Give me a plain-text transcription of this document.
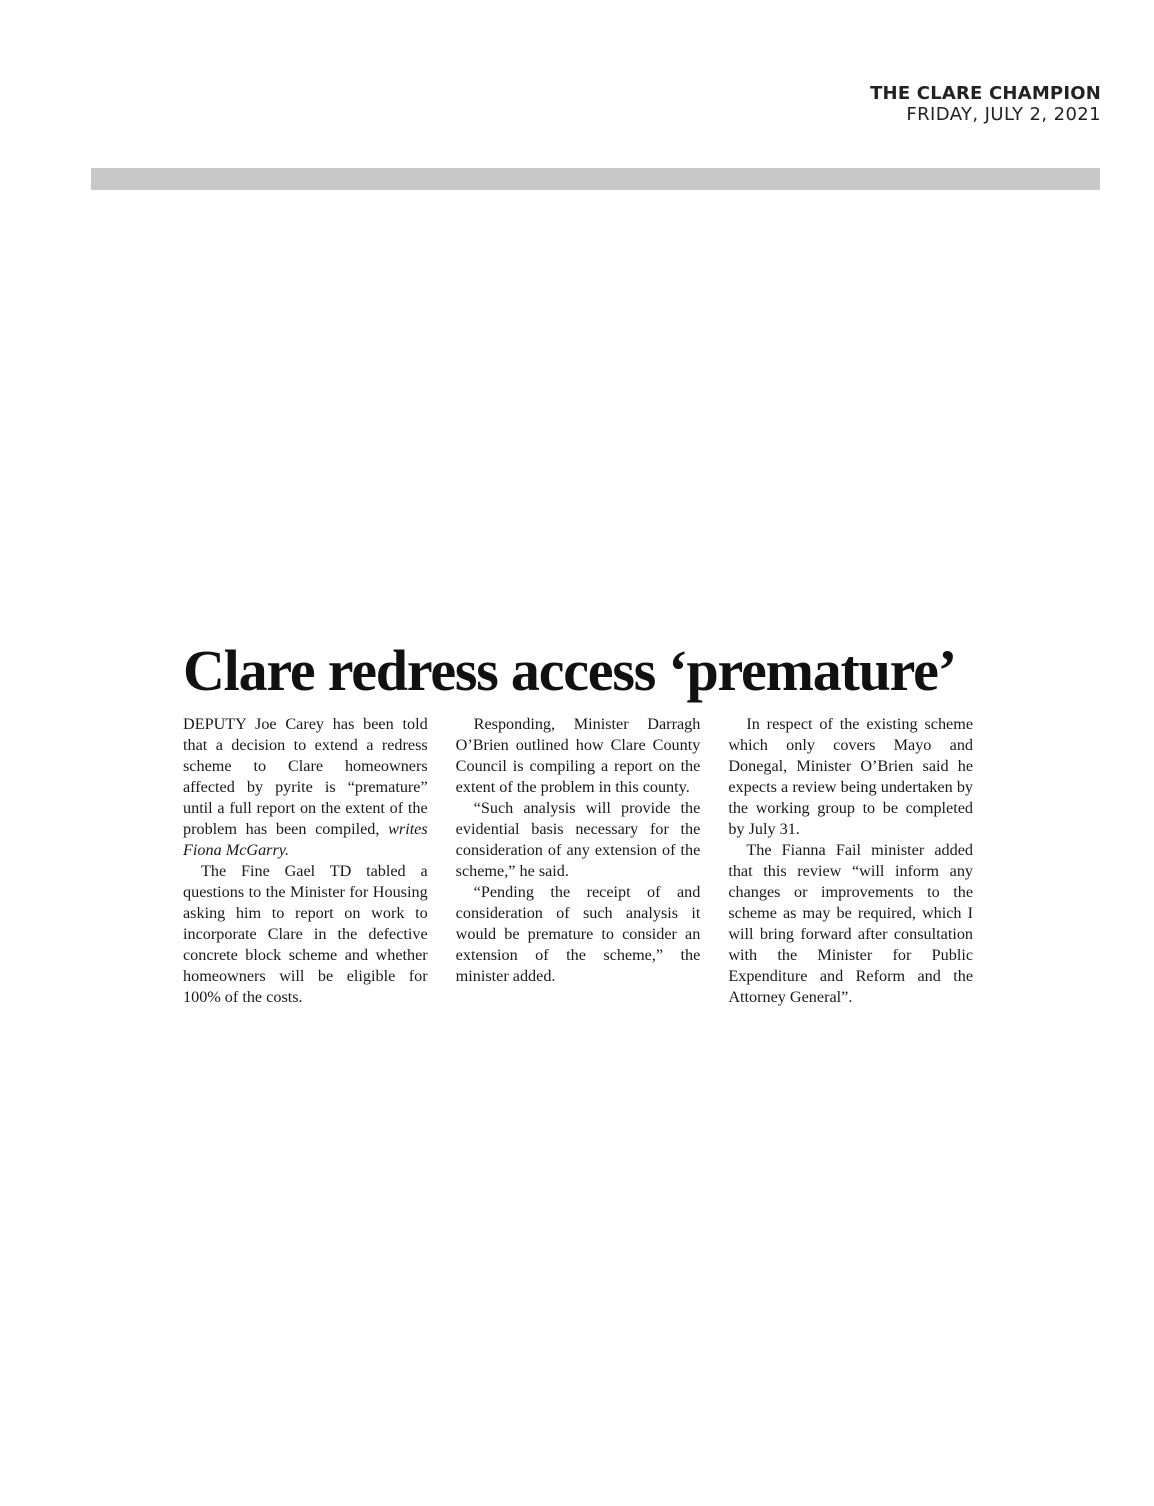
THE CLARE CHAMPION
FRIDAY, JULY 2, 2021
Clare redress access ‘premature’

DEPUTY Joe Carey has been told that a decision to extend a redress scheme to Clare homeowners affected by pyrite is “premature” until a full report on the extent of the problem has been compiled, writes Fiona McGarry.

The Fine Gael TD tabled a questions to the Minister for Housing asking him to report on work to incorporate Clare in the defective concrete block scheme and whether homeowners will be eligible for 100% of the costs.

Responding, Minister Darragh O’Brien outlined how Clare County Council is compiling a report on the extent of the problem in this county.

“Such analysis will provide the evidential basis necessary for the consideration of any extension of the scheme,” he said.

“Pending the receipt of and consideration of such analysis it would be premature to consider an extension of the scheme,” the minister added.

In respect of the existing scheme which only covers Mayo and Donegal, Minister O’Brien said he expects a review being undertaken by the working group to be completed by July 31.

The Fianna Fail minister added that this review “will inform any changes or improvements to the scheme as may be required, which I will bring forward after consultation with the Minister for Public Expenditure and Reform and the Attorney General”.
